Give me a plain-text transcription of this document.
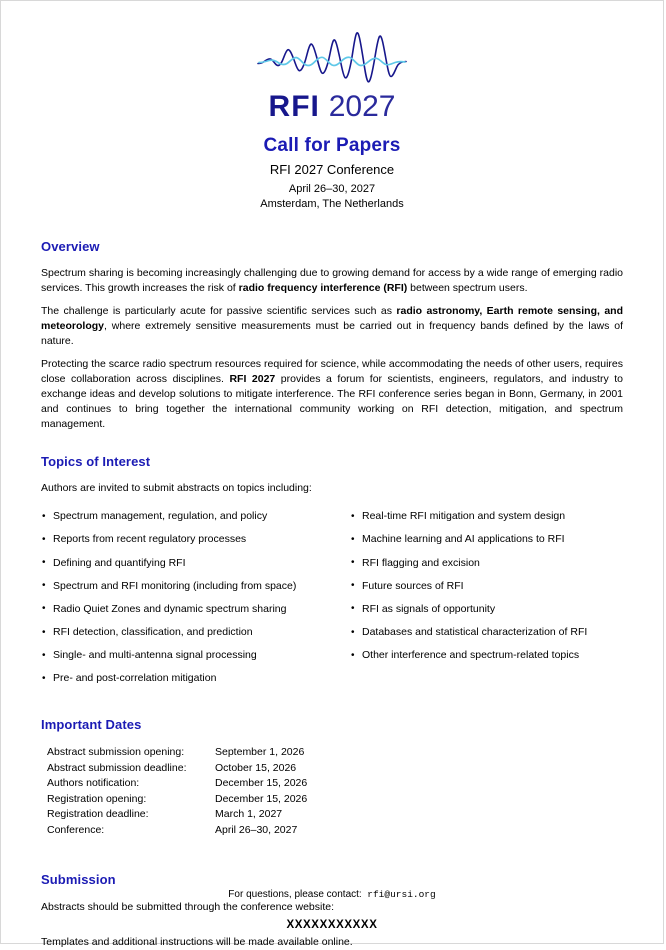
RFI 2027
Call for Papers
RFI 2027 Conference
April 26–30, 2027
Amsterdam, The Netherlands
Overview

Spectrum sharing is becoming increasingly challenging due to growing demand for access by a wide range of emerging radio services. This growth increases the risk of radio frequency interference (RFI) between spectrum users.

The challenge is particularly acute for passive scientific services such as radio astronomy, Earth remote sensing, and meteorology, where extremely sensitive measurements must be carried out in frequency bands defined by the laws of nature.

Protecting the scarce radio spectrum resources required for science, while accommodating the needs of other users, requires close collaboration across disciplines. RFI 2027 provides a forum for scientists, engineers, regulators, and industry to exchange ideas and develop solutions to mitigate interference. The RFI conference series began in Bonn, Germany, in 2001 and continues to bring together the international community working on RFI detection, mitigation, and spectrum management.

Topics of Interest
Authors are invited to submit abstracts on topics including:
• Spectrum management, regulation, and policy
• Reports from recent regulatory processes
• Defining and quantifying RFI
• Spectrum and RFI monitoring (including from space)
• Radio Quiet Zones and dynamic spectrum sharing
• RFI detection, classification, and prediction
• Single- and multi-antenna signal processing
• Pre- and post-correlation mitigation
• Real-time RFI mitigation and system design
• Machine learning and AI applications to RFI
• RFI flagging and excision
• Future sources of RFI
• RFI as signals of opportunity
• Databases and statistical characterization of RFI
• Other interference and spectrum-related topics
Important Dates
Abstract submission opening:	September 1, 2026
Abstract submission deadline:	October 15, 2026
Authors notification:	December 15, 2026
Registration opening:	December 15, 2026
Registration deadline:	March 1, 2027
Conference:	April 26–30, 2027
Submission
Abstracts should be submitted through the conference website:
XXXXXXXXXXX
Templates and additional instructions will be made available online.
For questions, please contact: rfi@ursi.org
